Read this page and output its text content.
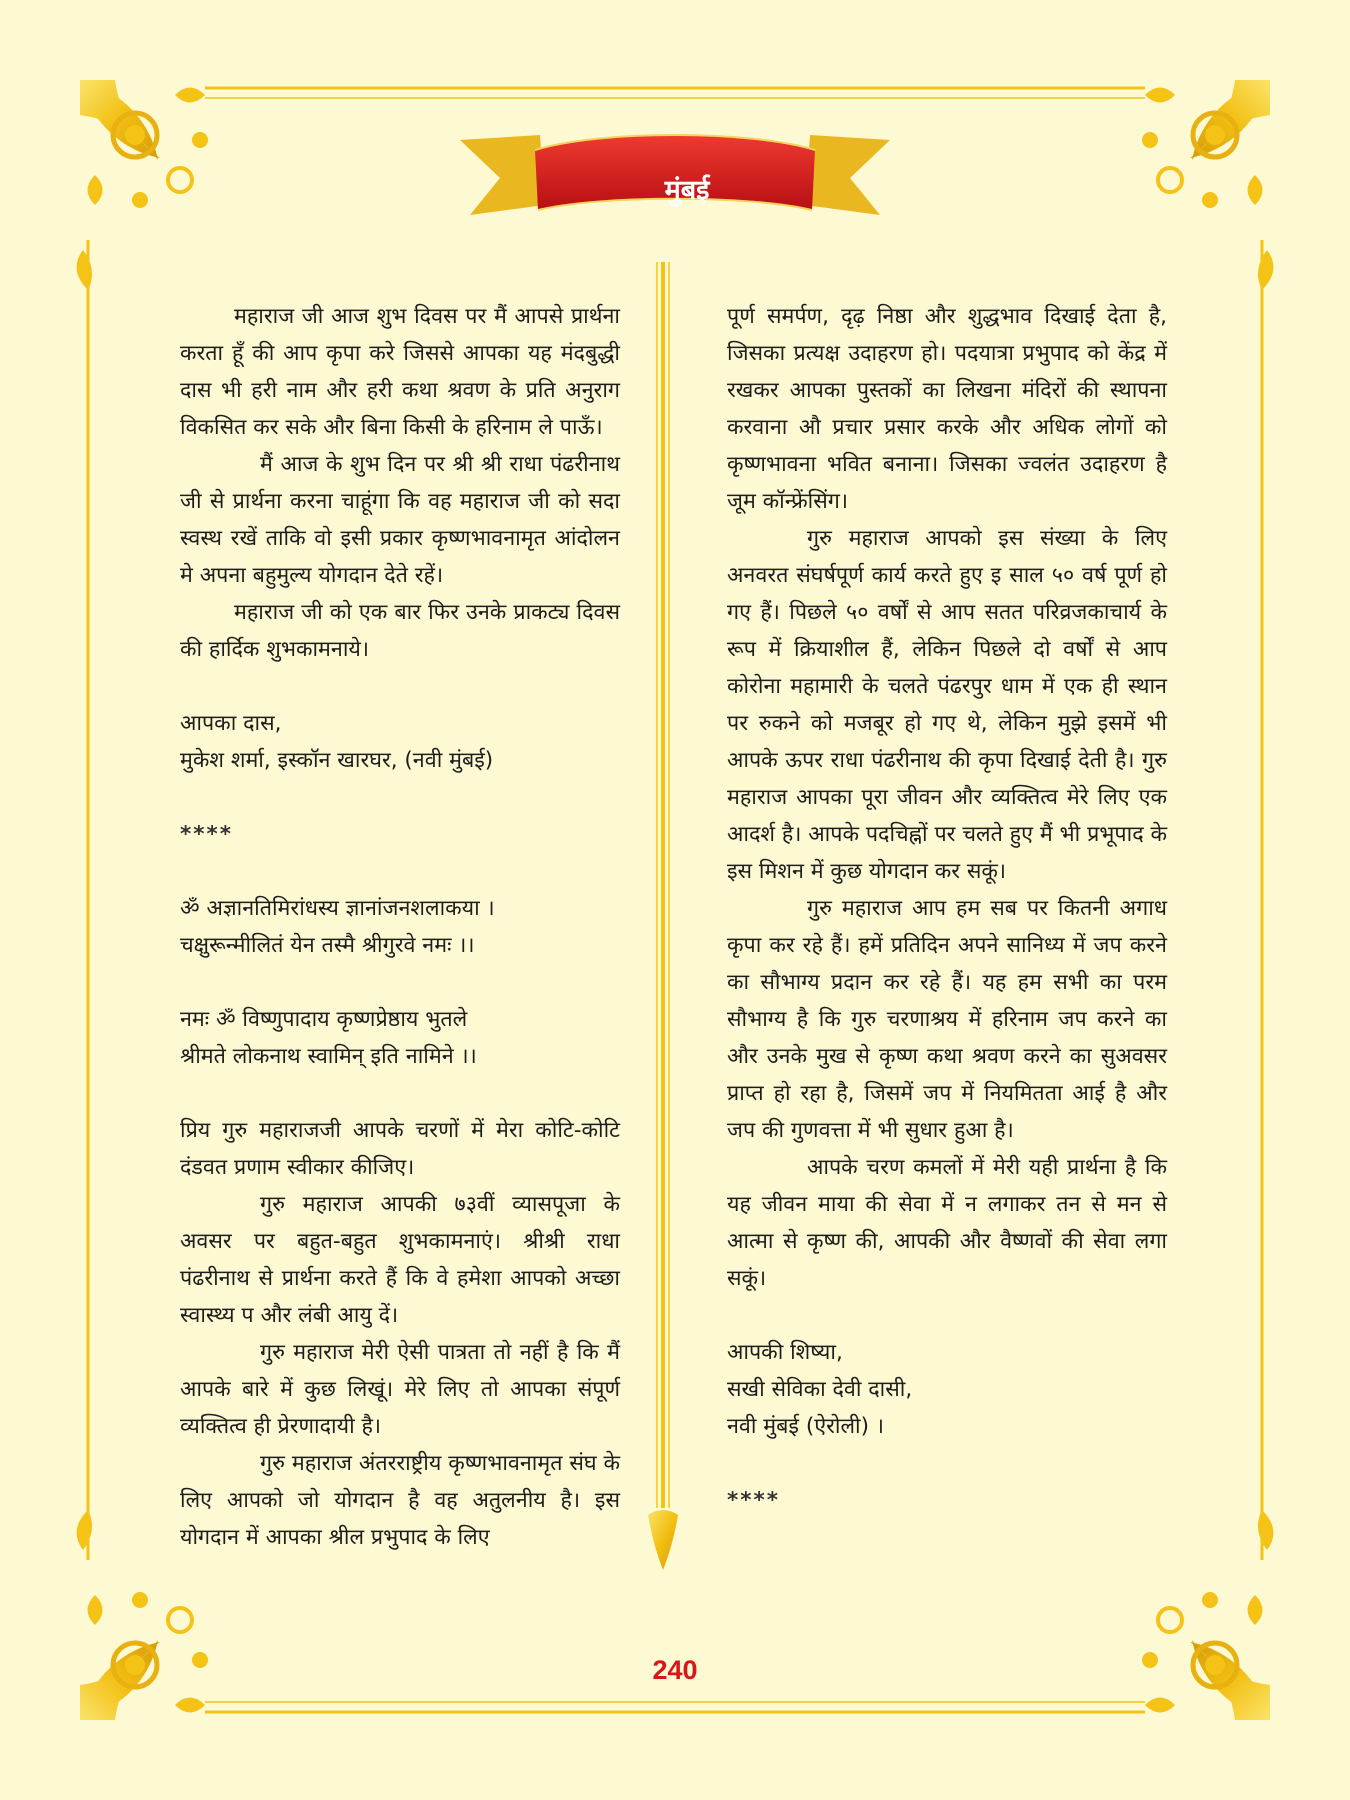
मुंबई

महाराज जी आज शुभ दिवस पर मैं आपसे प्रार्थना करता हूँ की आप कृपा करे जिससे आपका यह मंदबुद्धी दास भी हरी नाम और हरी कथा श्रवण के प्रति अनुराग विकसित कर सके और बिना किसी के हरिनाम ले पाऊँ।

मैं आज के शुभ दिन पर श्री श्री राधा पंढरीनाथ जी से प्रार्थना करना चाहूंगा कि वह महाराज जी को सदा स्वस्थ रखें ताकि वो इसी प्रकार कृष्णभावनामृत आंदोलन मे अपना बहुमुल्य योगदान देते रहें।

महाराज जी को एक बार फिर उनके प्राकट्य दिवस की हार्दिक शुभकामनाये।

आपका दास,

मुकेश शर्मा, इस्कॉन खारघर, (नवी मुंबई)

****

ॐ अज्ञानतिमिरांधस्य ज्ञानांजनशलाकया ।

चक्षुरून्मीलितं येन तस्मै श्रीगुरवे नमः ।।

नमः ॐ विष्णुपादाय कृष्णप्रेष्ठाय भुतले

श्रीमते लोकनाथ स्वामिन् इति नामिने ।।

प्रिय गुरु महाराजजी आपके चरणों में मेरा कोटि-कोटि दंडवत प्रणाम स्वीकार कीजिए।

गुरु महाराज आपकी ७३वीं व्यासपूजा के अवसर पर बहुत-बहुत शुभकामनाएं। श्रीश्री राधा पंढरीनाथ से प्रार्थना करते हैं कि वे हमेशा आपको अच्छा स्वास्थ्य प और लंबी आयु दें।

गुरु महाराज मेरी ऐसी पात्रता तो नहीं है कि मैं आपके बारे में कुछ लिखूं। मेरे लिए तो आपका संपूर्ण व्यक्तित्व ही प्रेरणादायी है।

गुरु महाराज अंतरराष्ट्रीय कृष्णभावनामृत संघ के लिए आपको जो योगदान है वह अतुलनीय है। इस योगदान में आपका श्रील प्रभुपाद के लिए

पूर्ण समर्पण, दृढ़ निष्ठा और शुद्धभाव दिखाई देता है, जिसका प्रत्यक्ष उदाहरण हो। पदयात्रा प्रभुपाद को केंद्र में रखकर आपका पुस्तकों का लिखना मंदिरों की स्थापना करवाना औ प्रचार प्रसार करके और अधिक लोगों को कृष्णभावना भवित बनाना। जिसका ज्वलंत उदाहरण है जूम कॉन्फ्रेंसिंग।

गुरु महाराज आपको इस संख्या के लिए अनवरत संघर्षपूर्ण कार्य करते हुए इ साल ५० वर्ष पूर्ण हो गए हैं। पिछले ५० वर्षों से आप सतत परिव्रजकाचार्य के रूप में क्रियाशील हैं, लेकिन पिछले दो वर्षों से आप कोरोना महामारी के चलते पंढरपुर धाम में एक ही स्थान पर रुकने को मजबूर हो गए थे, लेकिन मुझे इसमें भी आपके ऊपर राधा पंढरीनाथ की कृपा दिखाई देती है। गुरु महाराज आपका पूरा जीवन और व्यक्तित्व मेरे लिए एक आदर्श है। आपके पदचिह्नों पर चलते हुए मैं भी प्रभूपाद के इस मिशन में कुछ योगदान कर सकूं।

गुरु महाराज आप हम सब पर कितनी अगाध कृपा कर रहे हैं। हमें प्रतिदिन अपने सानिध्य में जप करने का सौभाग्य प्रदान कर रहे हैं। यह हम सभी का परम सौभाग्य है कि गुरु चरणाश्रय में हरिनाम जप करने का और उनके मुख से कृष्ण कथा श्रवण करने का सुअवसर प्राप्त हो रहा है, जिसमें जप में नियमितता आई है और जप की गुणवत्ता में भी सुधार हुआ है।

आपके चरण कमलों में मेरी यही प्रार्थना है कि यह जीवन माया की सेवा में न लगाकर तन से मन से आत्मा से कृष्ण की, आपकी और वैष्णवों की सेवा लगा सकूं।

आपकी शिष्या,

सखी सेविका देवी दासी,

नवी मुंबई (ऐरोली) ।

****

240
